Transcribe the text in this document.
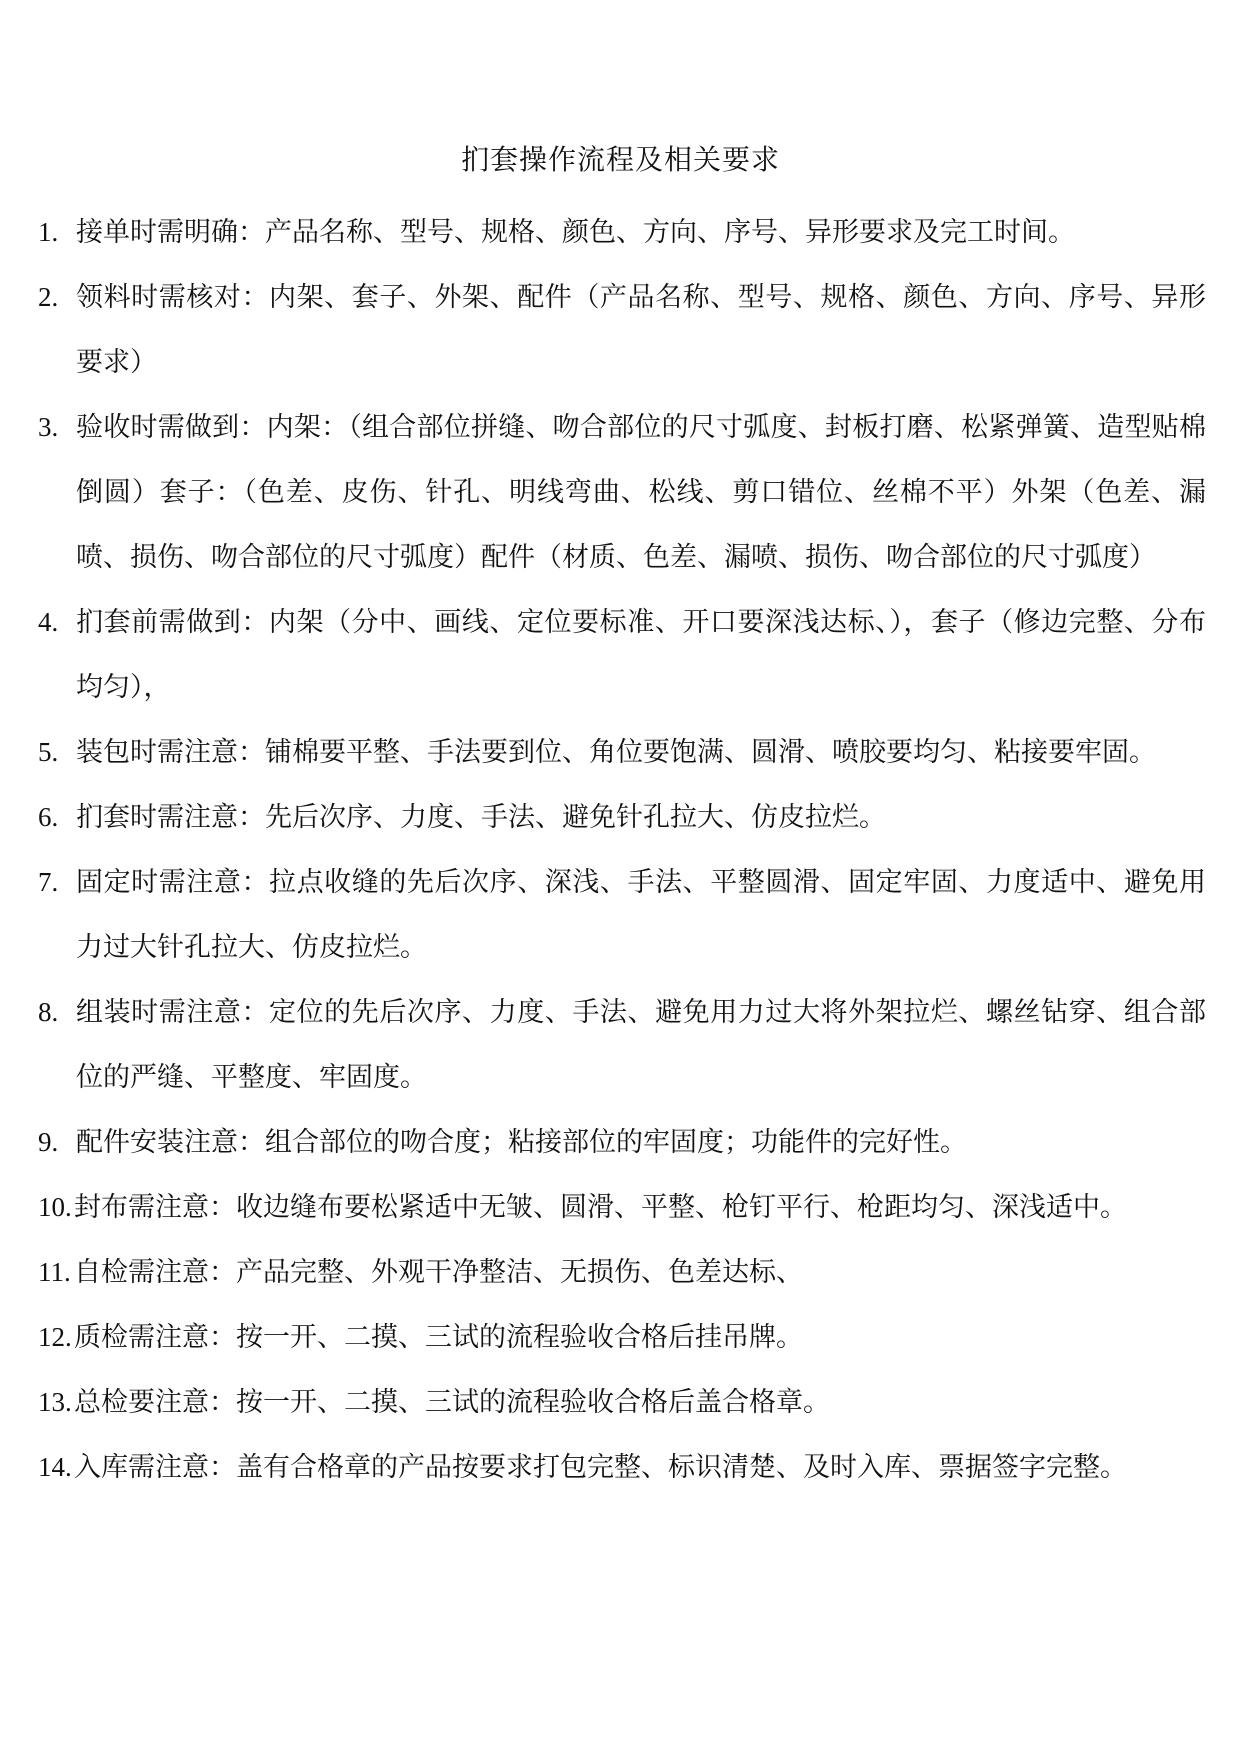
扪套操作流程及相关要求
1. 接单时需明确：产品名称、型号、规格、颜色、方向、序号、异形要求及完工时间。
2. 领料时需核对：内架、套子、外架、配件（产品名称、型号、规格、颜色、方向、序号、异形要求）
3. 验收时需做到：内架：（组合部位拼缝、吻合部位的尺寸弧度、封板打磨、松紧弹簧、造型贴棉倒圆）套子：（色差、皮伤、针孔、明线弯曲、松线、剪口错位、丝棉不平）外架（色差、漏喷、损伤、吻合部位的尺寸弧度）配件（材质、色差、漏喷、损伤、吻合部位的尺寸弧度）
4. 扪套前需做到：内架（分中、画线、定位要标准、开口要深浅达标、），套子（修边完整、分布均匀），
5. 装包时需注意：铺棉要平整、手法要到位、角位要饱满、圆滑、喷胶要均匀、粘接要牢固。
6. 扪套时需注意：先后次序、力度、手法、避免针孔拉大、仿皮拉烂。
7. 固定时需注意：拉点收缝的先后次序、深浅、手法、平整圆滑、固定牢固、力度适中、避免用力过大针孔拉大、仿皮拉烂。
8. 组装时需注意：定位的先后次序、力度、手法、避免用力过大将外架拉烂、螺丝钻穿、组合部位的严缝、平整度、牢固度。
9. 配件安装注意：组合部位的吻合度；粘接部位的牢固度；功能件的完好性。
10. 封布需注意：收边缝布要松紧适中无皱、圆滑、平整、枪钉平行、枪距均匀、深浅适中。
11. 自检需注意：产品完整、外观干净整洁、无损伤、色差达标、
12. 质检需注意：按一开、二摸、三试的流程验收合格后挂吊牌。
13. 总检要注意：按一开、二摸、三试的流程验收合格后盖合格章。
14. 入库需注意：盖有合格章的产品按要求打包完整、标识清楚、及时入库、票据签字完整。
